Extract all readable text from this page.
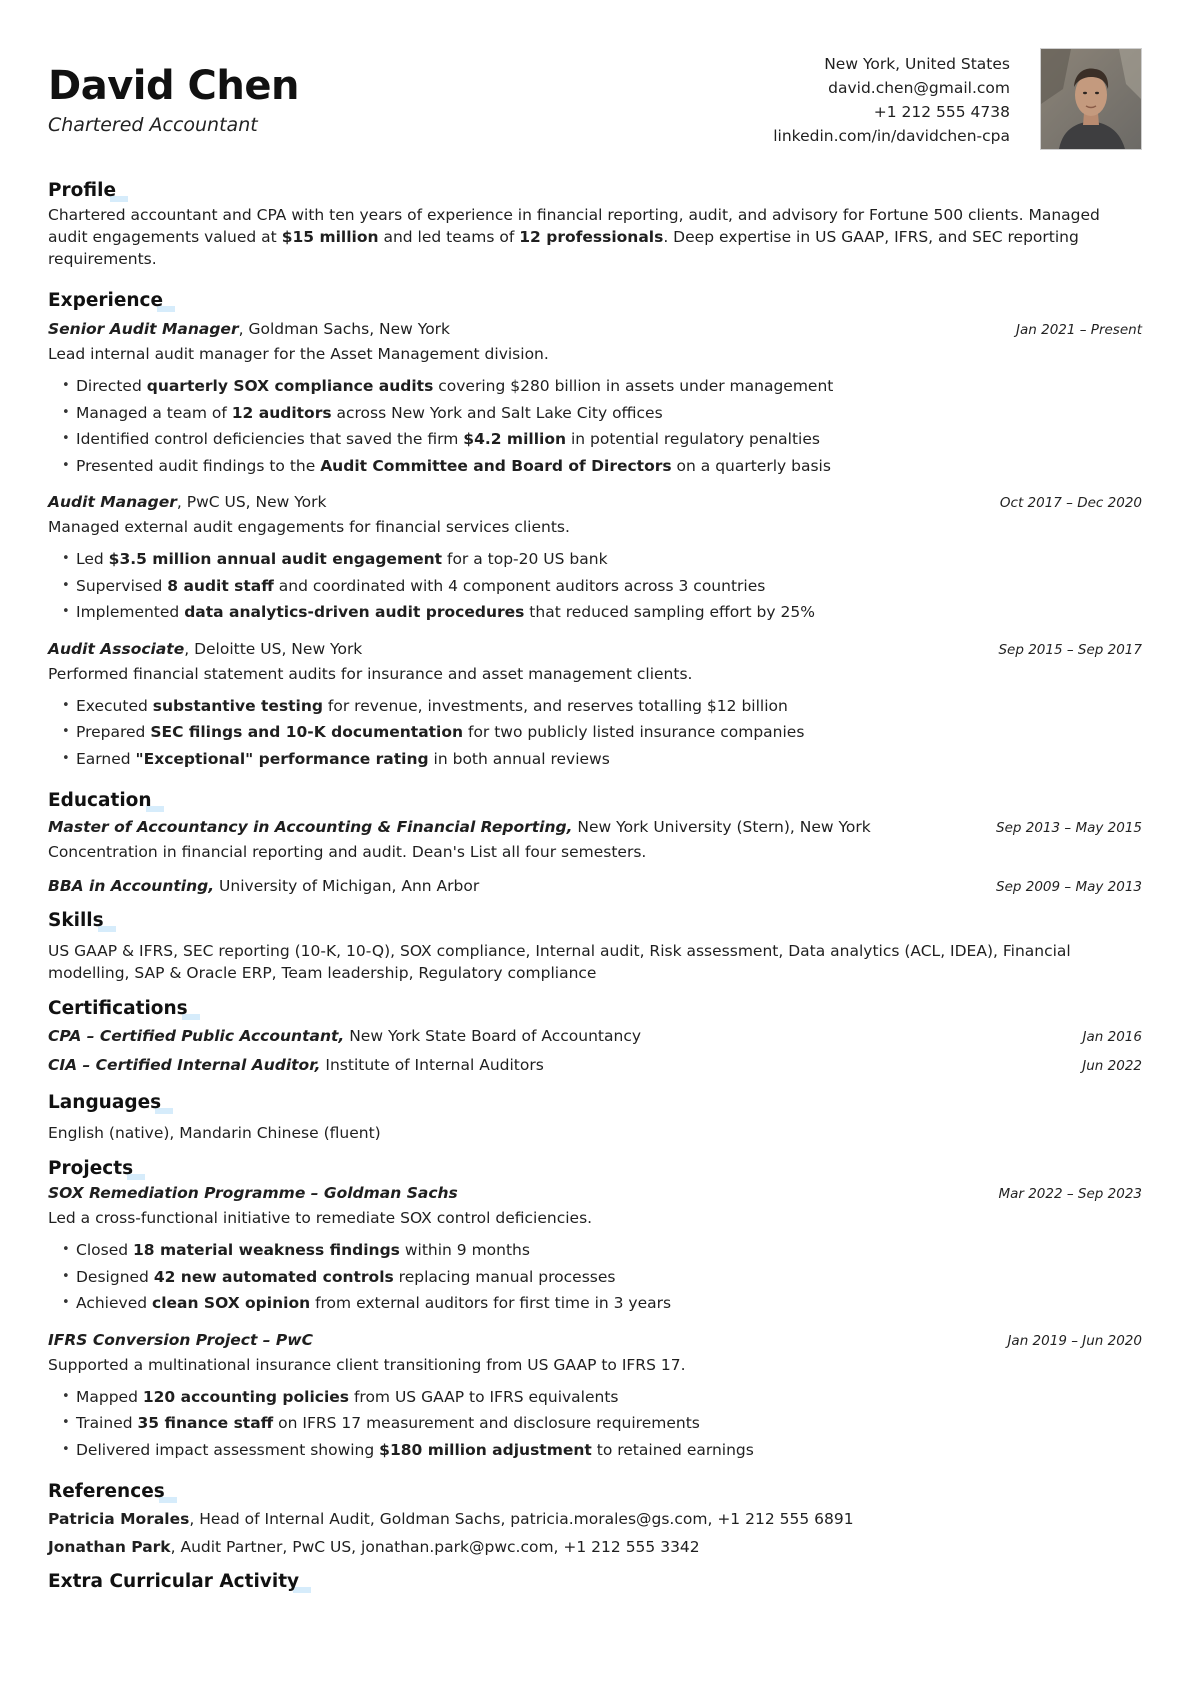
David Chen
Chartered Accountant
New York, United States
david.chen@gmail.com
+1 212 555 4738
linkedin.com/in/davidchen-cpa
Profile

Chartered accountant and CPA with ten years of experience in financial reporting, audit, and advisory for Fortune 500 clients. Managed audit engagements valued at $15 million and led teams of 12 professionals. Deep expertise in US GAAP, IFRS, and SEC reporting requirements.

Experience
Senior Audit Manager, Goldman Sachs, New York	Jan 2021 – Present

Lead internal audit manager for the Asset Management division.

• Directed quarterly SOX compliance audits covering $280 billion in assets under management
• Managed a team of 12 auditors across New York and Salt Lake City offices
• Identified control deficiencies that saved the firm $4.2 million in potential regulatory penalties
• Presented audit findings to the Audit Committee and Board of Directors on a quarterly basis
Audit Manager, PwC US, New York	Oct 2017 – Dec 2020

Managed external audit engagements for financial services clients.

• Led $3.5 million annual audit engagement for a top-20 US bank
• Supervised 8 audit staff and coordinated with 4 component auditors across 3 countries
• Implemented data analytics-driven audit procedures that reduced sampling effort by 25%
Audit Associate, Deloitte US, New York	Sep 2015 – Sep 2017

Performed financial statement audits for insurance and asset management clients.

• Executed substantive testing for revenue, investments, and reserves totalling $12 billion
• Prepared SEC filings and 10-K documentation for two publicly listed insurance companies
• Earned "Exceptional" performance rating in both annual reviews
Education
Master of Accountancy in Accounting & Financial Reporting, New York University (Stern), New York	Sep 2013 – May 2015

Concentration in financial reporting and audit. Dean's List all four semesters.

BBA in Accounting, University of Michigan, Ann Arbor	Sep 2009 – May 2013
Skills

US GAAP & IFRS, SEC reporting (10-K, 10-Q), SOX compliance, Internal audit, Risk assessment, Data analytics (ACL, IDEA), Financial modelling, SAP & Oracle ERP, Team leadership, Regulatory compliance

Certifications
CPA – Certified Public Accountant, New York State Board of Accountancy	Jan 2016
CIA – Certified Internal Auditor, Institute of Internal Auditors	Jun 2022
Languages

English (native), Mandarin Chinese (fluent)

Projects
SOX Remediation Programme – Goldman Sachs	Mar 2022 – Sep 2023

Led a cross-functional initiative to remediate SOX control deficiencies.

• Closed 18 material weakness findings within 9 months
• Designed 42 new automated controls replacing manual processes
• Achieved clean SOX opinion from external auditors for first time in 3 years
IFRS Conversion Project – PwC	Jan 2019 – Jun 2020

Supported a multinational insurance client transitioning from US GAAP to IFRS 17.

• Mapped 120 accounting policies from US GAAP to IFRS equivalents
• Trained 35 finance staff on IFRS 17 measurement and disclosure requirements
• Delivered impact assessment showing $180 million adjustment to retained earnings
References
Patricia Morales, Head of Internal Audit, Goldman Sachs, patricia.morales@gs.com, +1 212 555 6891
Jonathan Park, Audit Partner, PwC US, jonathan.park@pwc.com, +1 212 555 3342
Extra Curricular Activity
